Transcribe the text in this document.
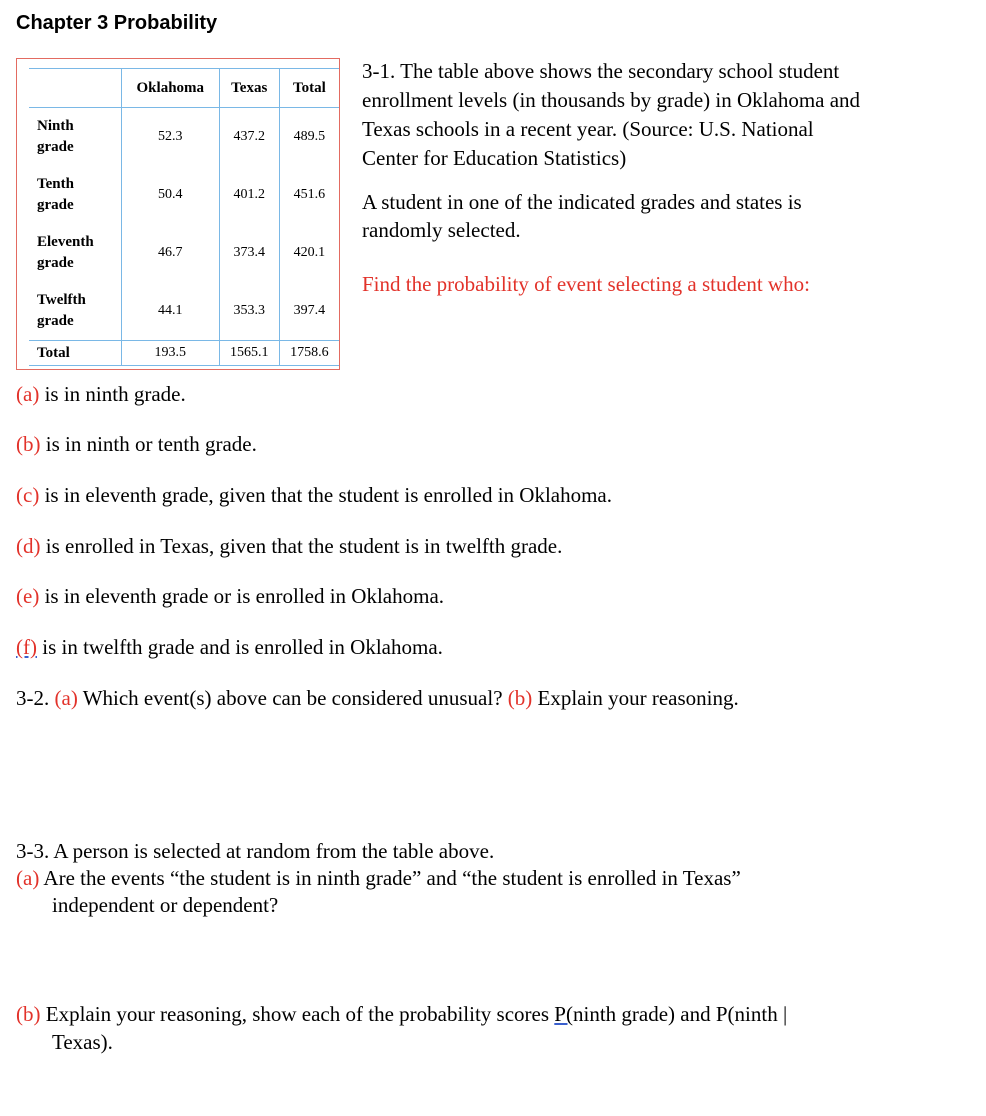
Chapter 3 Probability
	Oklahoma	Texas	Total
Ninth
grade	52.3	437.2	489.5
Tenth
grade	50.4	401.2	451.6
Eleventh
grade	46.7	373.4	420.1
Twelfth
grade	44.1	353.3	397.4
Total	193.5	1565.1	1758.6
3-1. The table above shows the secondary school student
enrollment levels (in thousands by grade) in Oklahoma and
Texas schools in a recent year. (Source: U.S. National
Center for Education Statistics)
A student in one of the indicated grades and states is
randomly selected.
Find the probability of event selecting a student who:
(a) is in ninth grade.
(b) is in ninth or tenth grade.
(c) is in eleventh grade, given that the student is enrolled in Oklahoma.
(d) is enrolled in Texas, given that the student is in twelfth grade.
(e) is in eleventh grade or is enrolled in Oklahoma.
(f) is in twelfth grade and is enrolled in Oklahoma.
3-2. (a) Which event(s) above can be considered unusual? (b) Explain your reasoning.
3-3. A person is selected at random from the table above.
(a) Are the events “the student is in ninth grade” and “the student is enrolled in Texas”
independent or dependent?
(b) Explain your reasoning, show each of the probability scores P(ninth grade) and P(ninth |
Texas).
